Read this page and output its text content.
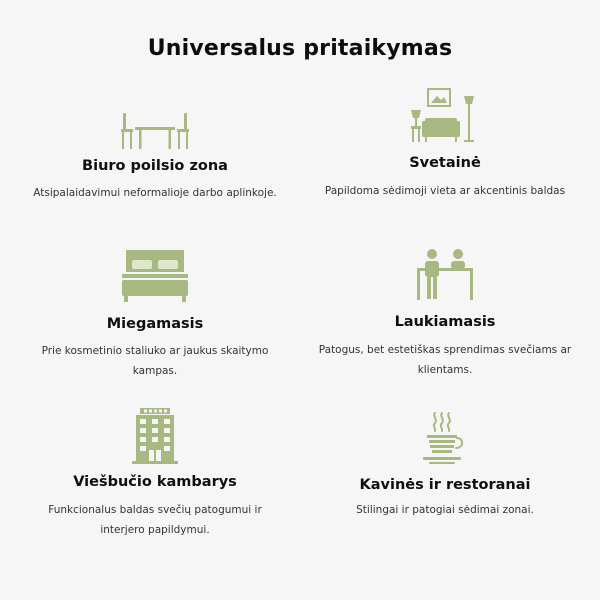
Universalus pritaikymas
Biuro poilsio zona
Atsipalaidavimui neformalioje darbo aplinkoje.
Svetainė
Papildoma sėdimoji vieta ar akcentinis baldas
Miegamasis
Prie kosmetinio staliuko ar jaukus skaitymo kampas.
Laukiamasis
Patogus, bet estetiškas sprendimas svečiams ar klientams.
Viešbučio kambarys
Funkcionalus baldas svečių patogumui ir interjero papildymui.
Kavinės ir restoranai
Stilingai ir patogiai sėdimai zonai.
